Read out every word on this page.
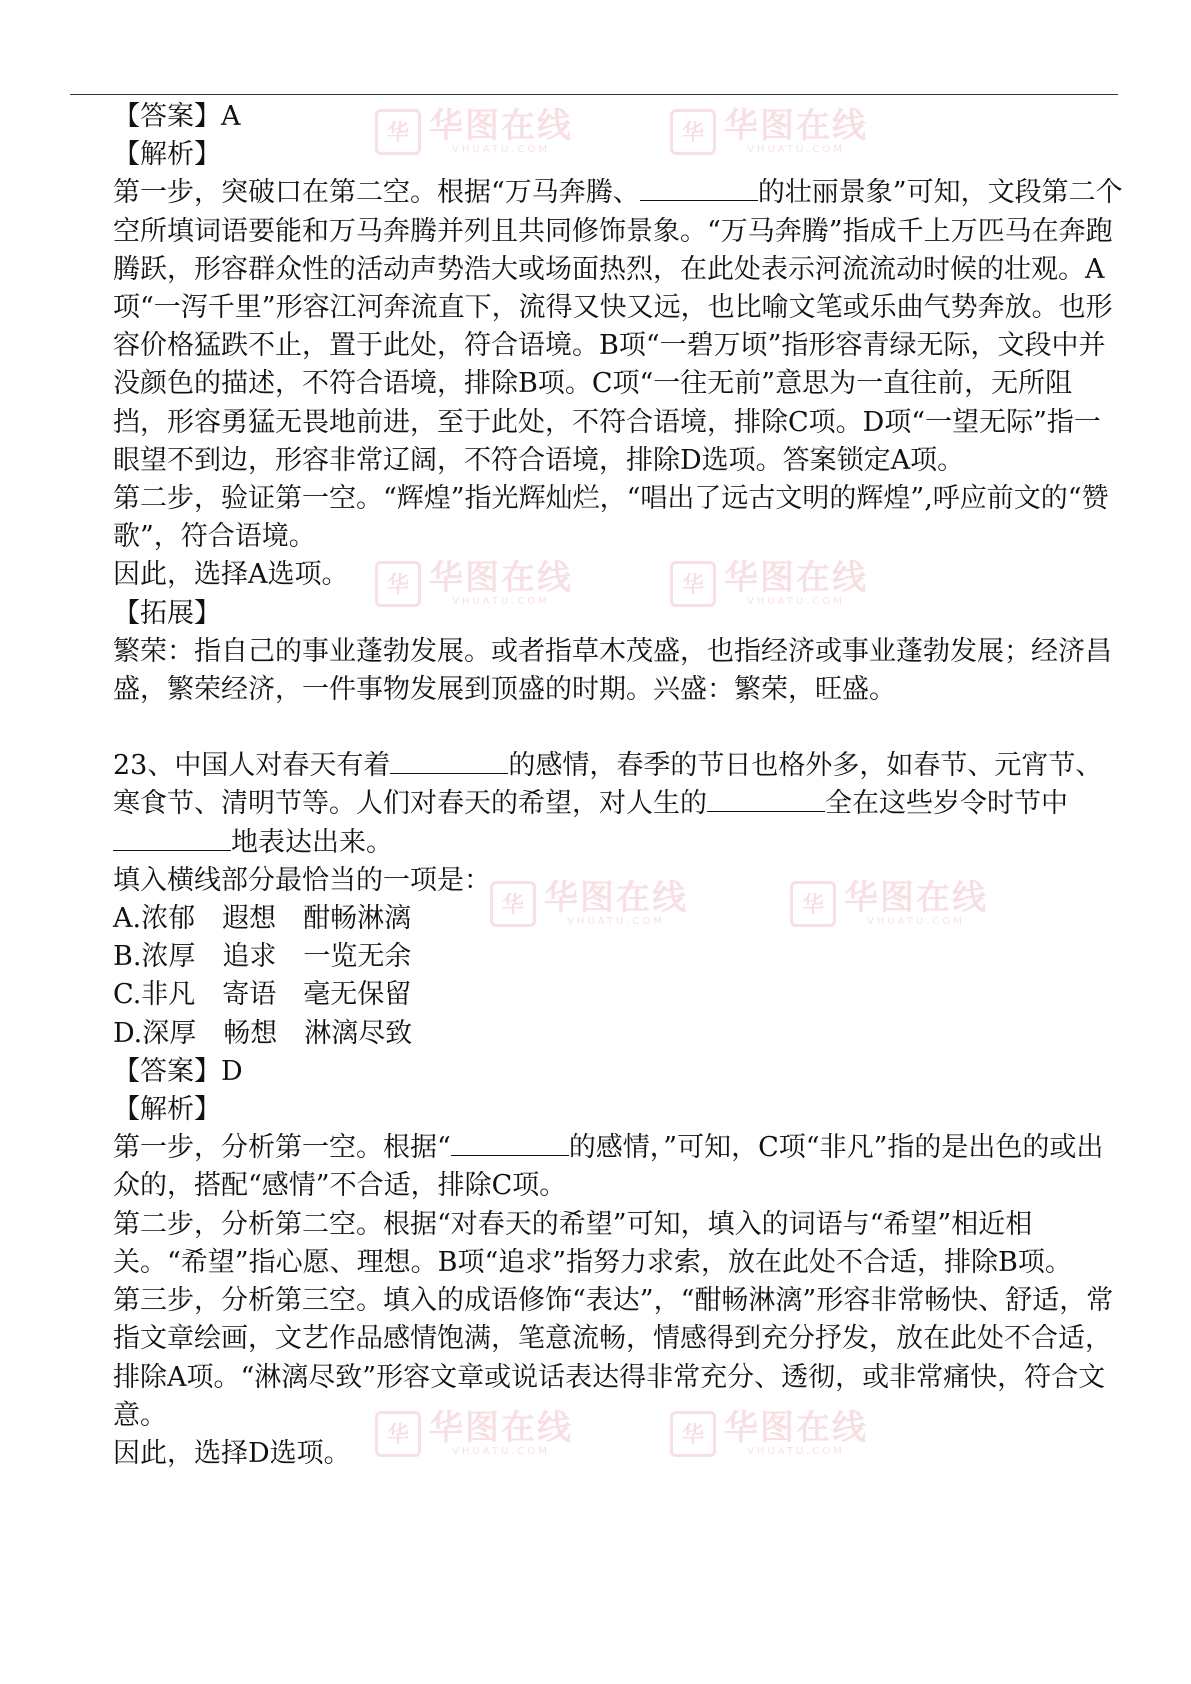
华 华图在线
VHUATU.COM
华 华图在线
VHUATU.COM
华 华图在线
VHUATU.COM
华 华图在线
VHUATU.COM
华 华图在线
VHUATU.COM
华 华图在线
VHUATU.COM
华 华图在线
VHUATU.COM
华 华图在线
VHUATU.COM

【答案】A

【解析】

第一步，突破口在第二空。根据“万马奔腾、	的壮丽景象”可知，文段第二个空所填词语要能和万马奔腾并列且共同修饰景象。“万马奔腾”指成千上万匹马在奔跑腾跃，形容群众性的活动声势浩大或场面热烈，在此处表示河流流动时候的壮观。A项“一泻千里”形容江河奔流直下，流得又快又远，也比喻文笔或乐曲气势奔放。也形容价格猛跌不止，置于此处，符合语境。B项“一碧万顷”指形容青绿无际，文段中并没颜色的描述，不符合语境，排除B项。C项“一往无前”意思为一直往前，无所阻挡，形容勇猛无畏地前进，至于此处，不符合语境，排除C项。D项“一望无际”指一眼望不到边，形容非常辽阔，不符合语境，排除D选项。答案锁定A项。

第二步，验证第一空。“辉煌”指光辉灿烂，“唱出了远古文明的辉煌”,呼应前文的“赞歌”，符合语境。

因此，选择A选项。

【拓展】

繁荣：指自己的事业蓬勃发展。或者指草木茂盛，也指经济或事业蓬勃发展；经济昌盛，繁荣经济，一件事物发展到顶盛的时期。兴盛：繁荣，旺盛。

23、中国人对春天有着	的感情，春季的节日也格外多，如春节、元宵节、寒食节、清明节等。人们对春天的希望，对人生的	全在这些岁令时节中地表达出来。

填入横线部分最恰当的一项是：

A.浓郁　遐想　酣畅淋漓

B.浓厚　追求　一览无余

C.非凡　寄语　毫无保留

D.深厚　畅想　淋漓尽致

【答案】D

【解析】

第一步，分析第一空。根据“	的感情，”可知，C项“非凡”指的是出色的或出众的，搭配“感情”不合适，排除C项。

第二步，分析第二空。根据“对春天的希望”可知，填入的词语与“希望”相近相关。“希望”指心愿、理想。B项“追求”指努力求索，放在此处不合适，排除B项。

第三步，分析第三空。填入的成语修饰“表达”，“酣畅淋漓”形容非常畅快、舒适，常指文章绘画，文艺作品感情饱满，笔意流畅，情感得到充分抒发，放在此处不合适，排除A项。“淋漓尽致”形容文章或说话表达得非常充分、透彻，或非常痛快，符合文意。

因此，选择D选项。
